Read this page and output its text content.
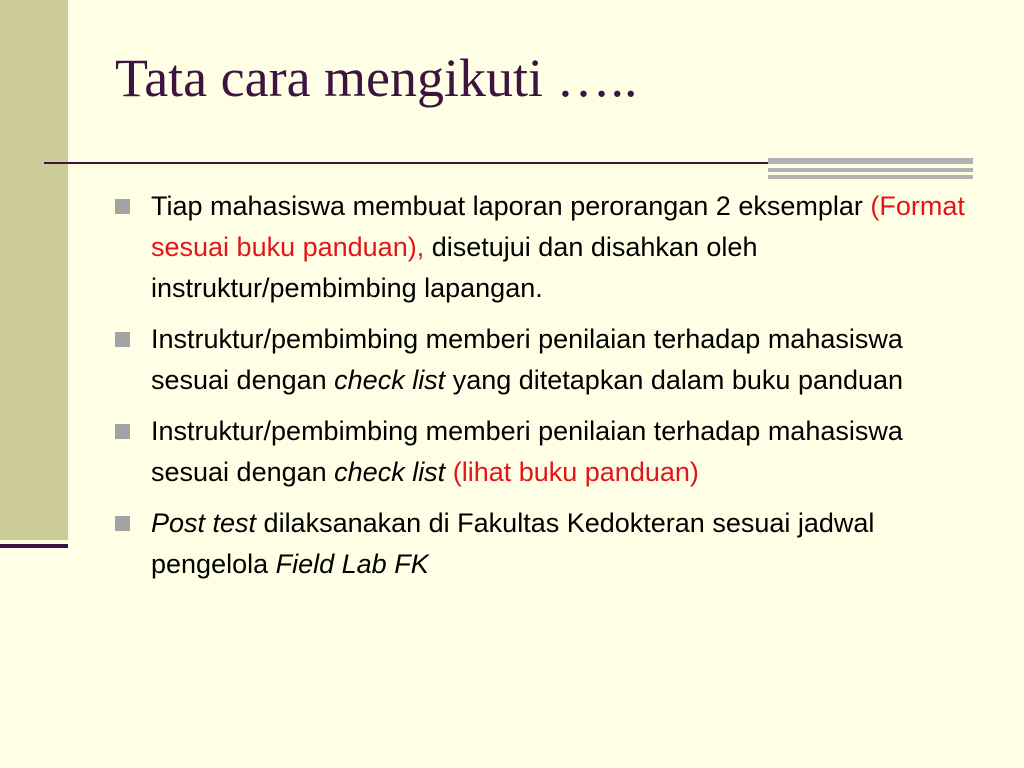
Tata cara mengikuti …..
Tiap mahasiswa membuat laporan perorangan 2 eksemplar (Format sesuai buku panduan), disetujui dan disahkan oleh instruktur/pembimbing lapangan.
Instruktur/pembimbing memberi penilaian terhadap mahasiswa sesuai dengan check list yang ditetapkan dalam buku panduan
Instruktur/pembimbing memberi penilaian terhadap mahasiswa sesuai dengan check list (lihat buku panduan)
Post test dilaksanakan di Fakultas Kedokteran sesuai jadwal pengelola Field Lab FK
